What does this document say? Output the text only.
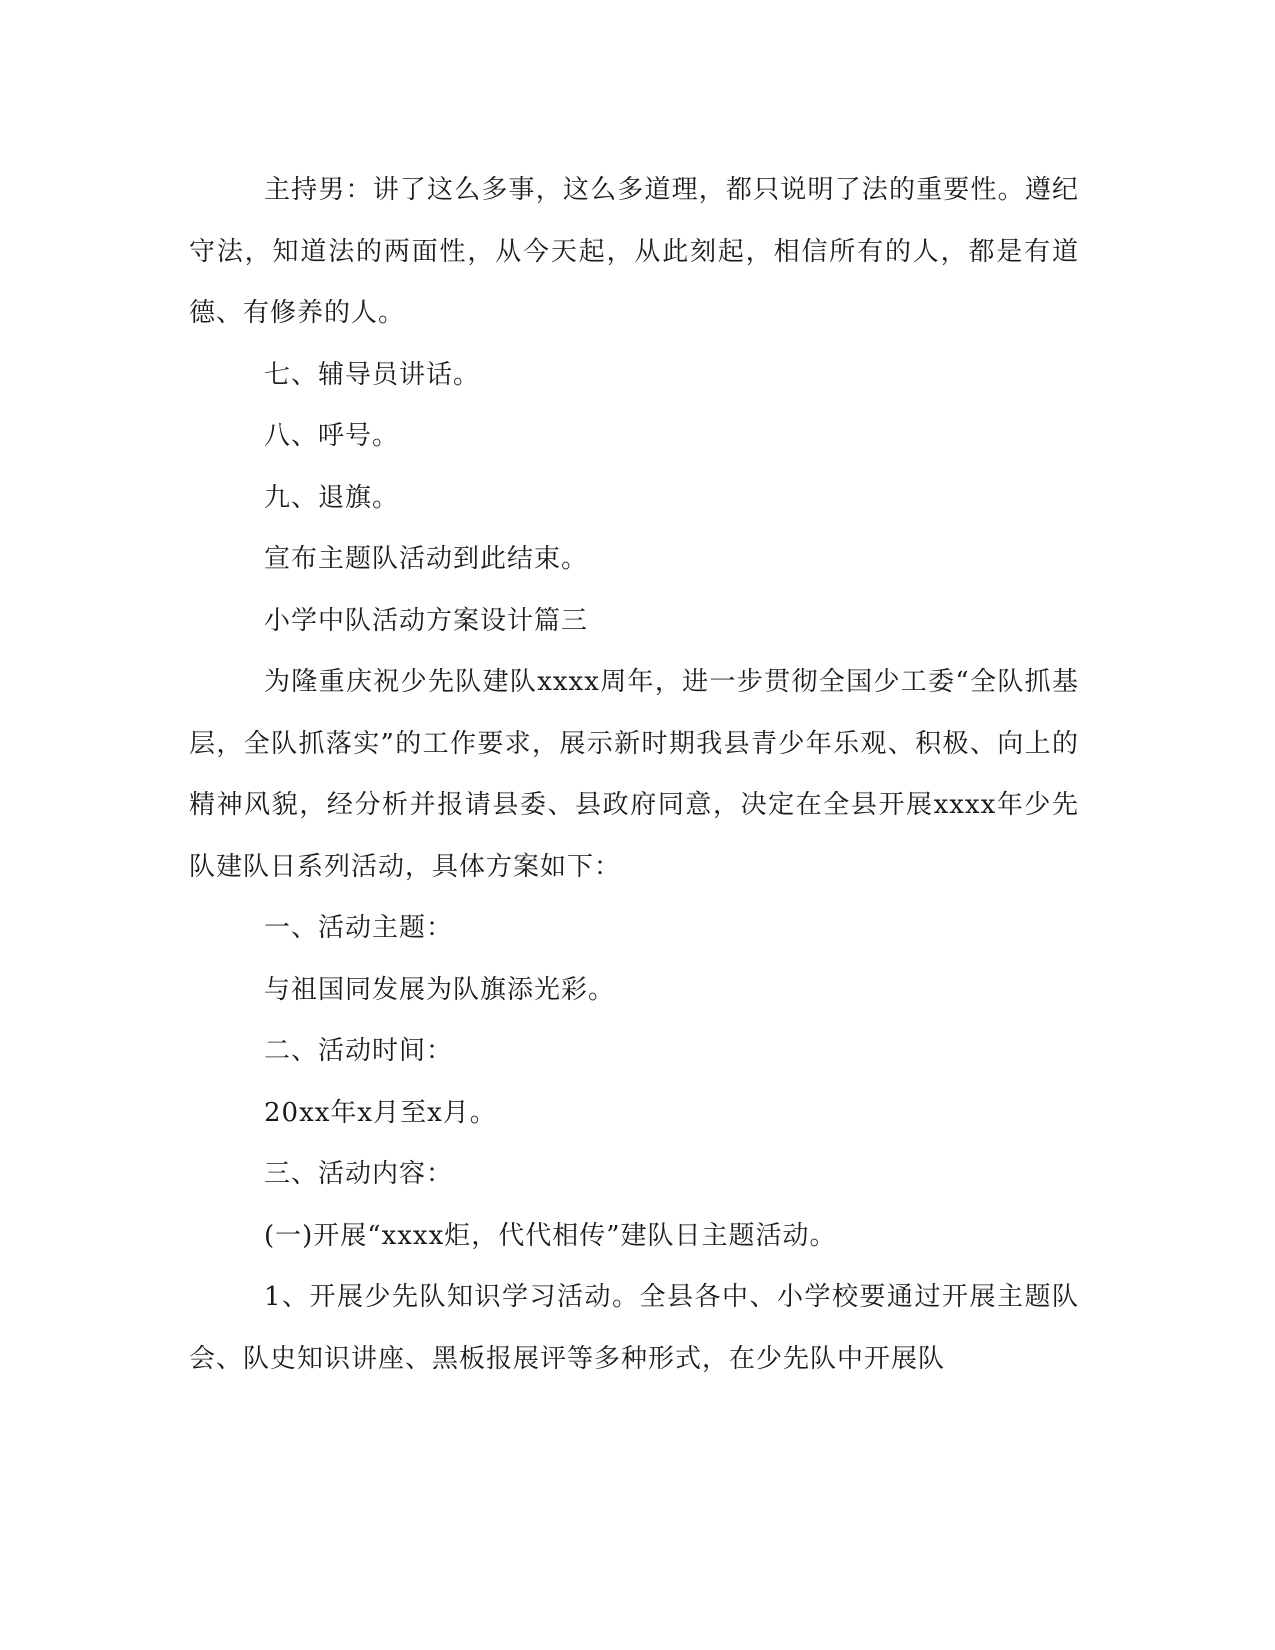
主持男：讲了这么多事，这么多道理，都只说明了法的重要性。遵纪守法，知道法的两面性，从今天起，从此刻起，相信所有的人，都是有道德、有修养的人。

七、辅导员讲话。

八、呼号。

九、退旗。

宣布主题队活动到此结束。

小学中队活动方案设计篇三

为隆重庆祝少先队建队xxxx周年，进一步贯彻全国少工委“全队抓基层，全队抓落实”的工作要求，展示新时期我县青少年乐观、积极、向上的精神风貌，经分析并报请县委、县政府同意，决定在全县开展xxxx年少先队建队日系列活动，具体方案如下：

一、活动主题：

与祖国同发展为队旗添光彩。

二、活动时间：

20xx年x月至x月。

三、活动内容：

(一)开展“xxxx炬，代代相传”建队日主题活动。

1、开展少先队知识学习活动。全县各中、小学校要通过开展主题队会、队史知识讲座、黑板报展评等多种形式，在少先队中开展队
